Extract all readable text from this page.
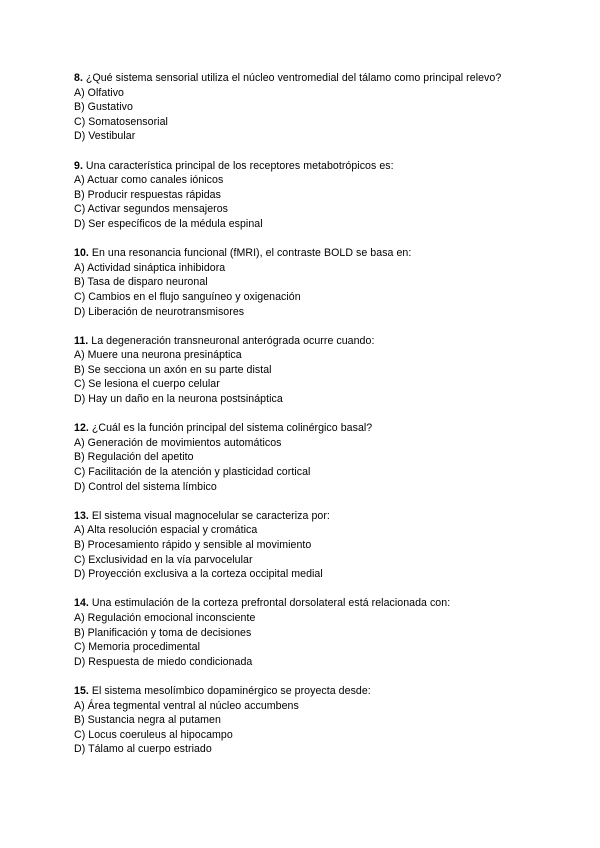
8. ¿Qué sistema sensorial utiliza el núcleo ventromedial del tálamo como principal relevo?
A) Olfativo
B) Gustativo
C) Somatosensorial
D) Vestibular
9. Una característica principal de los receptores metabotrópicos es:
A) Actuar como canales iónicos
B) Producir respuestas rápidas
C) Activar segundos mensajeros
D) Ser específicos de la médula espinal
10. En una resonancia funcional (fMRI), el contraste BOLD se basa en:
A) Actividad sináptica inhibidora
B) Tasa de disparo neuronal
C) Cambios en el flujo sanguíneo y oxigenación
D) Liberación de neurotransmisores
11. La degeneración transneuronal anterógrada ocurre cuando:
A) Muere una neurona presináptica
B) Se secciona un axón en su parte distal
C) Se lesiona el cuerpo celular
D) Hay un daño en la neurona postsináptica
12. ¿Cuál es la función principal del sistema colinérgico basal?
A) Generación de movimientos automáticos
B) Regulación del apetito
C) Facilitación de la atención y plasticidad cortical
D) Control del sistema límbico
13. El sistema visual magnocelular se caracteriza por:
A) Alta resolución espacial y cromática
B) Procesamiento rápido y sensible al movimiento
C) Exclusividad en la vía parvocelular
D) Proyección exclusiva a la corteza occipital medial
14. Una estimulación de la corteza prefrontal dorsolateral está relacionada con:
A) Regulación emocional inconsciente
B) Planificación y toma de decisiones
C) Memoria procedimental
D) Respuesta de miedo condicionada
15. El sistema mesolímbico dopaminérgico se proyecta desde:
A) Área tegmental ventral al núcleo accumbens
B) Sustancia negra al putamen
C) Locus coeruleus al hipocampo
D) Tálamo al cuerpo estriado
